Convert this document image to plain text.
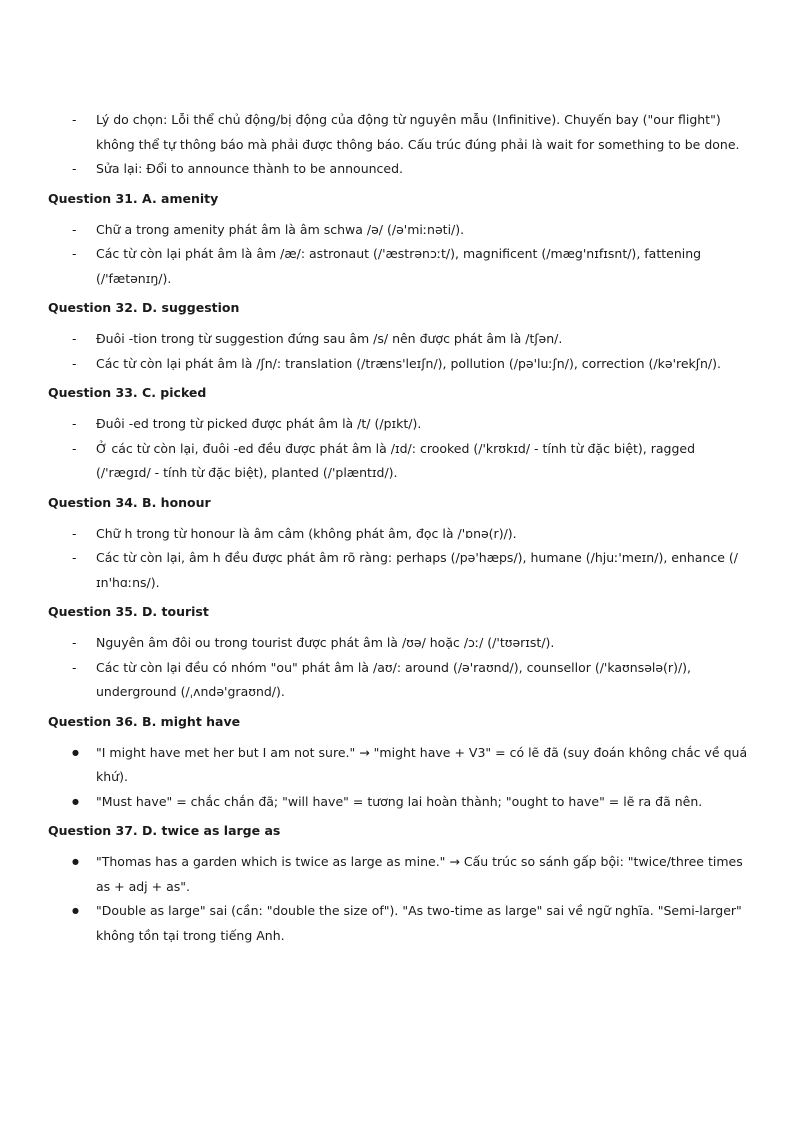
- Lý do chọn: Lỗi thể chủ động/bị động của động từ nguyên mẫu (Infinitive). Chuyến bay ("our flight") không thể tự thông báo mà phải được thông báo. Cấu trúc đúng phải là wait for something to be done.
- Sửa lại: Đổi to announce thành to be announced.

Question 31. A. amenity

- Chữ a trong amenity phát âm là âm schwa /ə/ (/ə'miːnəti/).
- Các từ còn lại phát âm là âm /æ/: astronaut (/'æstrənɔːt/), magnificent (/mæg'nɪfɪsnt/), fattening (/'fætənɪŋ/).

Question 32. D. suggestion

- Đuôi -tion trong từ suggestion đứng sau âm /s/ nên được phát âm là /tʃən/.
- Các từ còn lại phát âm là /ʃn/: translation (/træns'leɪʃn/), pollution (/pə'luːʃn/), correction (/kə'rekʃn/).

Question 33. C. picked

- Đuôi -ed trong từ picked được phát âm là /t/ (/pɪkt/).
- Ở các từ còn lại, đuôi -ed đều được phát âm là /ɪd/: crooked (/'krʊkɪd/ - tính từ đặc biệt), ragged (/'rægɪd/ - tính từ đặc biệt), planted (/'plæntɪd/).

Question 34. B. honour

- Chữ h trong từ honour là âm câm (không phát âm, đọc là /'ɒnə(r)/).
- Các từ còn lại, âm h đều được phát âm rõ ràng: perhaps (/pə'hæps/), humane (/hjuː'meɪn/), enhance (/ɪn'hɑːns/).

Question 35. D. tourist

- Nguyên âm đôi ou trong tourist được phát âm là /ʊə/ hoặc /ɔː/ (/'tʊərɪst/).
- Các từ còn lại đều có nhóm "ou" phát âm là /aʊ/: around (/ə'raʊnd/), counsellor (/'kaʊnsələ(r)/), underground (/ˌʌndə'graʊnd/).

Question 36. B. might have

● "I might have met her but I am not sure." → "might have + V3" = có lẽ đã (suy đoán không chắc về quá khứ).
● "Must have" = chắc chắn đã; "will have" = tương lai hoàn thành; "ought to have" = lẽ ra đã nên.

Question 37. D. twice as large as

● "Thomas has a garden which is twice as large as mine." → Cấu trúc so sánh gấp bội: "twice/three times as + adj + as".
● "Double as large" sai (cần: "double the size of"). "As two-time as large" sai về ngữ nghĩa. "Semi-larger" không tồn tại trong tiếng Anh.
